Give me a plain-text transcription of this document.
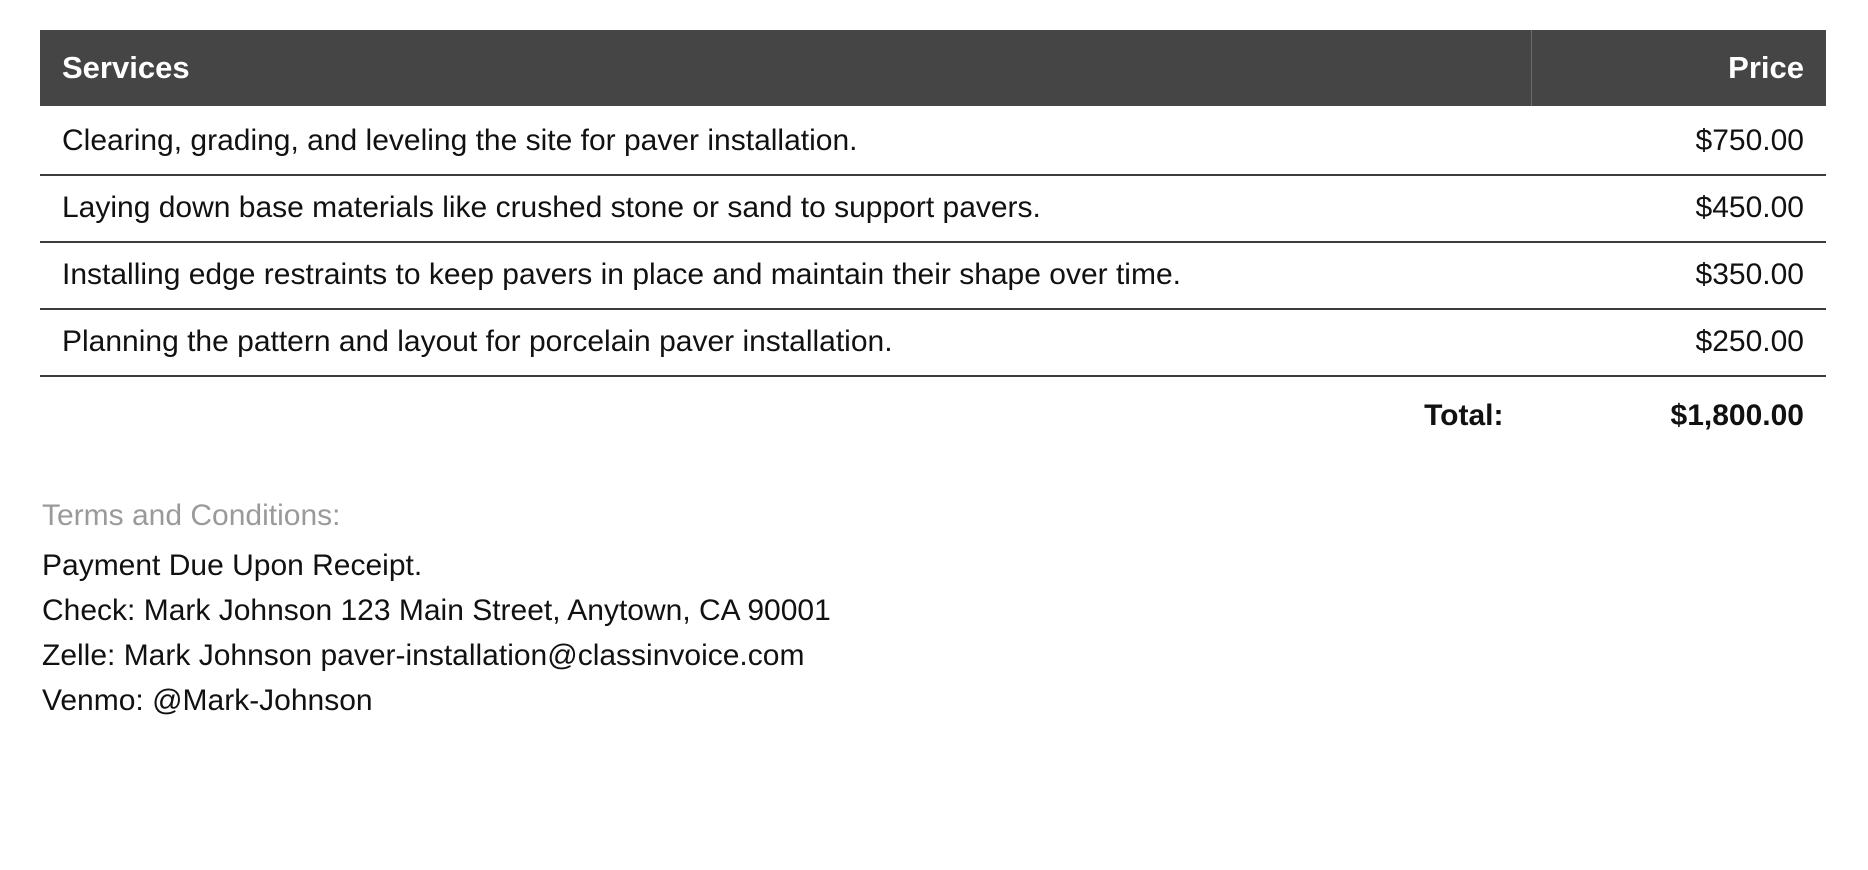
Services	Price
Clearing, grading, and leveling the site for paver installation.	$750.00
Laying down base materials like crushed stone or sand to support pavers.	$450.00
Installing edge restraints to keep pavers in place and maintain their shape over time.	$350.00
Planning the pattern and layout for porcelain paver installation.	$250.00
Total:	$1,800.00
Terms and Conditions:
Payment Due Upon Receipt.
Check: Mark Johnson 123 Main Street, Anytown, CA 90001
Zelle: Mark Johnson paver-installation@classinvoice.com
Venmo: @Mark-Johnson
